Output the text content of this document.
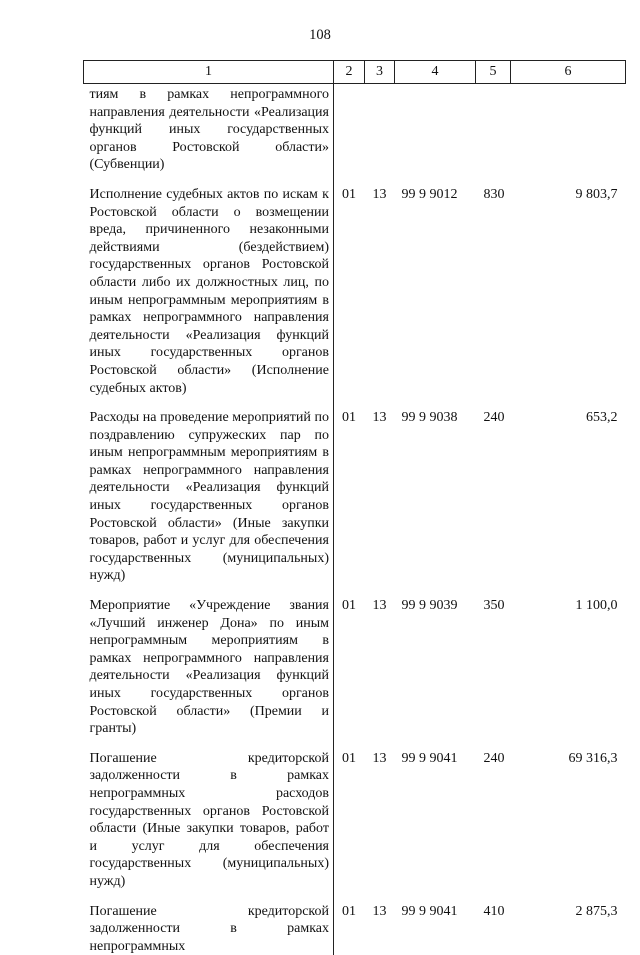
108
1	2	3	4	5	6
тиям в рамках непрограммного направления деятельности «Реализация функций иных государственных органов Ростовской области» (Субвенции)					
Исполнение судебных актов по искам к Ростовской области о возмещении вреда, причиненного незаконными действиями (бездействием) государственных органов Ростовской области либо их должностных лиц, по иным непрограммным мероприятиям в рамках непрограммного направления деятельности «Реализация функций иных государственных органов Ростовской области» (Исполнение судебных актов)	01	13	99 9 9012	830	9 803,7
Расходы на проведение мероприятий по поздравлению супружеских пар по иным непрограммным мероприятиям в рамках непрограммного направления деятельности «Реализация функций иных государственных органов Ростовской области» (Иные закупки товаров, работ и услуг для обеспечения государственных (муниципальных) нужд)	01	13	99 9 9038	240	653,2
Мероприятие «Учреждение звания «Лучший инженер Дона» по иным непрограммным мероприятиям в рамках непрограммного направления деятельности «Реализация функций иных государственных органов Ростовской области» (Премии и гранты)	01	13	99 9 9039	350	1 100,0
Погашение кредиторской задолженности в рамках непрограммных расходов государственных органов Ростовской области (Иные закупки товаров, работ и услуг для обеспечения государственных (муниципальных) нужд)	01	13	99 9 9041	240	69 316,3
Погашение кредиторской задолженности в рамках непрограммных	01	13	99 9 9041	410	2 875,3
